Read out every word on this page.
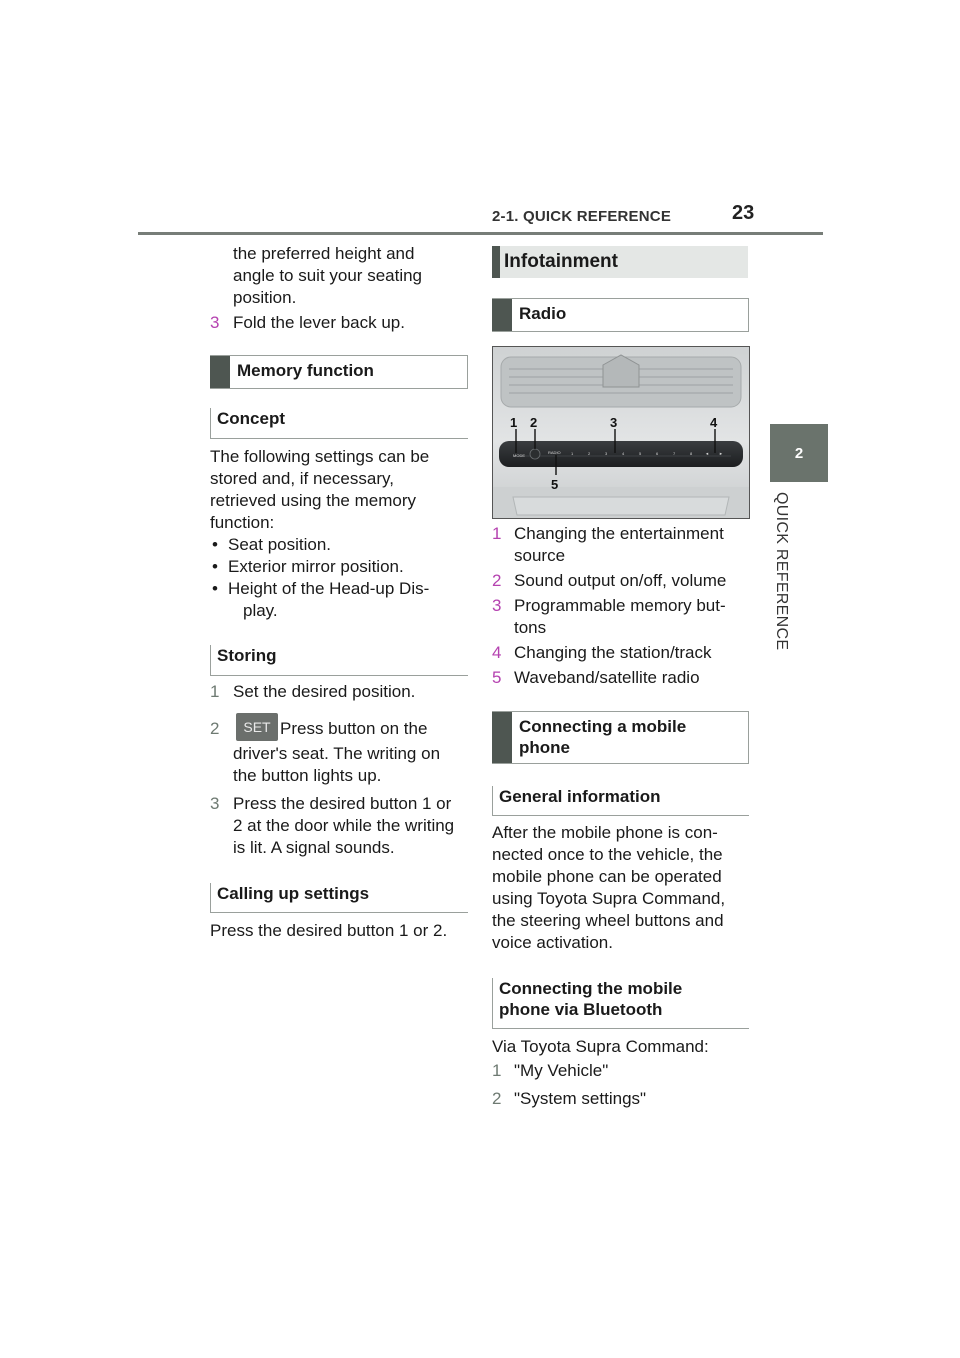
2-1. QUICK REFERENCE	23
2
QUICK REFERENCE

the preferred height and

angle to suit your seating

position.

3 Fold the lever back up.
Memory function
Concept

The following settings can be

stored and, if necessary,

retrieved using the memory

function:

• Seat position.
• Exterior mirror position.
• Height of the Head-up Dis-
play.
Storing
1 Set the desired position.
2	Press button on the
driver's seat. The writing on
the button lights up.
SET
3 Press the desired button 1 or
2 at the door while the writing
is lit. A signal sounds.
Calling up settings
Press the desired button 1 or 2.
Infotainment
Radio
MODE
RADIO	1	2	3	4	5	6	7	8	◄	►
1 2	3	4
5
1 Changing the entertainment
source
2 Sound output on/off, volume
3 Programmable memory but-
tons
4 Changing the station/track
5 Waveband/satellite radio
Connecting a mobile
phone
General information

After the mobile phone is con-

nected once to the vehicle, the

mobile phone can be operated

using Toyota Supra Command,

the steering wheel buttons and

voice activation.

Connecting the mobile
phone via Bluetooth
Via Toyota Supra Command:
1 "My Vehicle"
2 "System settings"
